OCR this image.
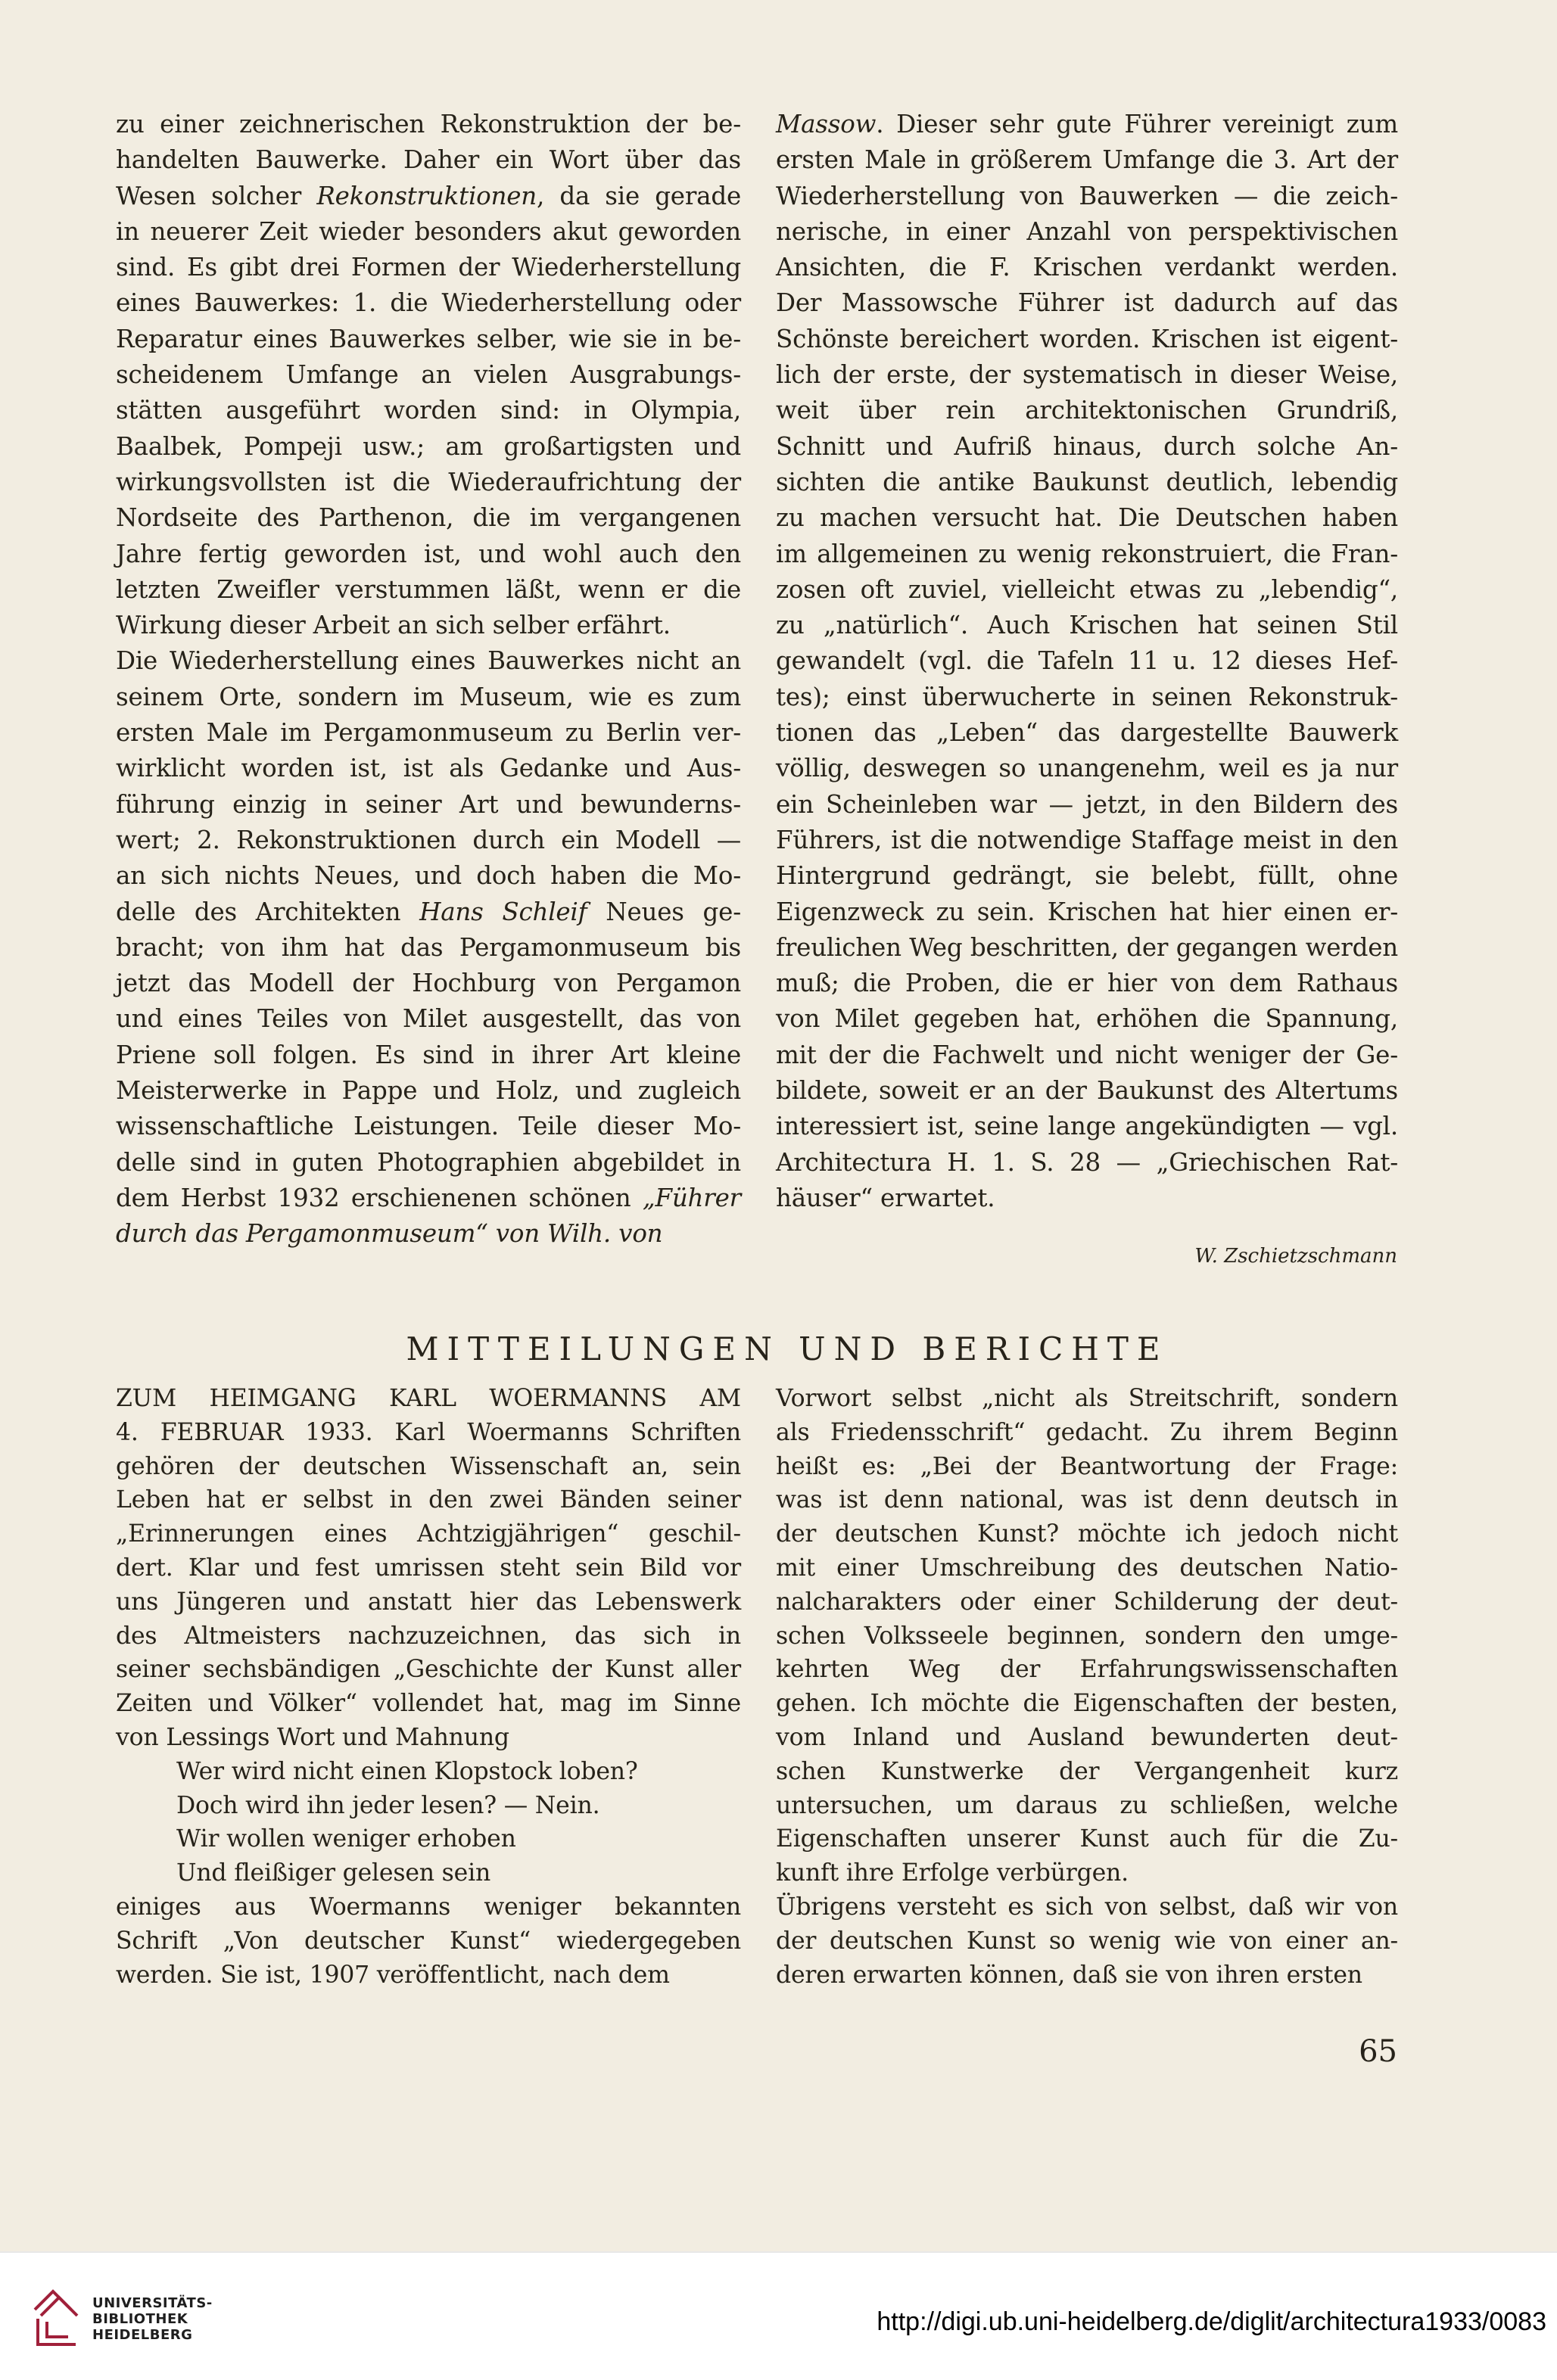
zu einer zeichnerischen Rekonstruktion der be-
handelten Bauwerke. Daher ein Wort über das
Wesen solcher Rekonstruktionen, da sie gerade
in neuerer Zeit wieder besonders akut geworden
sind. Es gibt drei Formen der Wiederherstellung
eines Bauwerkes: 1. die Wiederherstellung oder
Reparatur eines Bauwerkes selber, wie sie in be-
scheidenem Umfange an vielen Ausgrabungs-
stätten ausgeführt worden sind: in Olympia,
Baalbek, Pompeji usw.; am großartigsten und
wirkungsvollsten ist die Wiederaufrichtung der
Nordseite des Parthenon, die im vergangenen
Jahre fertig geworden ist, und wohl auch den
letzten Zweifler verstummen läßt, wenn er die
Wirkung dieser Arbeit an sich selber erfährt.
Die Wiederherstellung eines Bauwerkes nicht an
seinem Orte, sondern im Museum, wie es zum
ersten Male im Pergamonmuseum zu Berlin ver-
wirklicht worden ist, ist als Gedanke und Aus-
führung einzig in seiner Art und bewunderns-
wert; 2. Rekonstruktionen durch ein Modell —
an sich nichts Neues, und doch haben die Mo-
delle des Architekten Hans Schleif Neues ge-
bracht; von ihm hat das Pergamonmuseum bis
jetzt das Modell der Hochburg von Pergamon
und eines Teiles von Milet ausgestellt, das von
Priene soll folgen. Es sind in ihrer Art kleine
Meisterwerke in Pappe und Holz, und zugleich
wissenschaftliche Leistungen. Teile dieser Mo-
delle sind in guten Photographien abgebildet in
dem Herbst 1932 erschienenen schönen „Führer
durch das Pergamonmuseum“ von Wilh. von
Massow. Dieser sehr gute Führer vereinigt zum
ersten Male in größerem Umfange die 3. Art der
Wiederherstellung von Bauwerken — die zeich-
nerische, in einer Anzahl von perspektivischen
Ansichten, die F. Krischen verdankt werden.
Der Massowsche Führer ist dadurch auf das
Schönste bereichert worden. Krischen ist eigent-
lich der erste, der systematisch in dieser Weise,
weit über rein architektonischen Grundriß,
Schnitt und Aufriß hinaus, durch solche An-
sichten die antike Baukunst deutlich, lebendig
zu machen versucht hat. Die Deutschen haben
im allgemeinen zu wenig rekonstruiert, die Fran-
zosen oft zuviel, vielleicht etwas zu „lebendig“,
zu „natürlich“. Auch Krischen hat seinen Stil
gewandelt (vgl. die Tafeln 11 u. 12 dieses Hef-
tes); einst überwucherte in seinen Rekonstruk-
tionen das „Leben“ das dargestellte Bauwerk
völlig, deswegen so unangenehm, weil es ja nur
ein Scheinleben war — jetzt, in den Bildern des
Führers, ist die notwendige Staffage meist in den
Hintergrund gedrängt, sie belebt, füllt, ohne
Eigenzweck zu sein. Krischen hat hier einen er-
freulichen Weg beschritten, der gegangen werden
muß; die Proben, die er hier von dem Rathaus
von Milet gegeben hat, erhöhen die Spannung,
mit der die Fachwelt und nicht weniger der Ge-
bildete, soweit er an der Baukunst des Altertums
interessiert ist, seine lange angekündigten — vgl.
Architectura H. 1. S. 28 — „Griechischen Rat-
häuser“ erwartet.
W. Zschietzschmann
MITTEILUNGEN UND BERICHTE
ZUM HEIMGANG KARL WOERMANNS AM
4. FEBRUAR 1933. Karl Woermanns Schriften
gehören der deutschen Wissenschaft an, sein
Leben hat er selbst in den zwei Bänden seiner
„Erinnerungen eines Achtzigjährigen“ geschil-
dert. Klar und fest umrissen steht sein Bild vor
uns Jüngeren und anstatt hier das Lebenswerk
des Altmeisters nachzuzeichnen, das sich in
seiner sechsbändigen „Geschichte der Kunst aller
Zeiten und Völker“ vollendet hat, mag im Sinne
von Lessings Wort und Mahnung
Wer wird nicht einen Klopstock loben?
Doch wird ihn jeder lesen? — Nein.
Wir wollen weniger erhoben
Und fleißiger gelesen sein
einiges aus Woermanns weniger bekannten
Schrift „Von deutscher Kunst“ wiedergegeben
werden. Sie ist, 1907 veröffentlicht, nach dem
Vorwort selbst „nicht als Streitschrift, sondern
als Friedensschrift“ gedacht. Zu ihrem Beginn
heißt es: „Bei der Beantwortung der Frage:
was ist denn national, was ist denn deutsch in
der deutschen Kunst? möchte ich jedoch nicht
mit einer Umschreibung des deutschen Natio-
nalcharakters oder einer Schilderung der deut-
schen Volksseele beginnen, sondern den umge-
kehrten Weg der Erfahrungswissenschaften
gehen. Ich möchte die Eigenschaften der besten,
vom Inland und Ausland bewunderten deut-
schen Kunstwerke der Vergangenheit kurz
untersuchen, um daraus zu schließen, welche
Eigenschaften unserer Kunst auch für die Zu-
kunft ihre Erfolge verbürgen.
Übrigens versteht es sich von selbst, daß wir von
der deutschen Kunst so wenig wie von einer an-
deren erwarten können, daß sie von ihren ersten
65
UNIVERSITÄTS-
BIBLIOTHEK
HEIDELBERG	http://digi.ub.uni-heidelberg.de/diglit/architectura1933/0083
